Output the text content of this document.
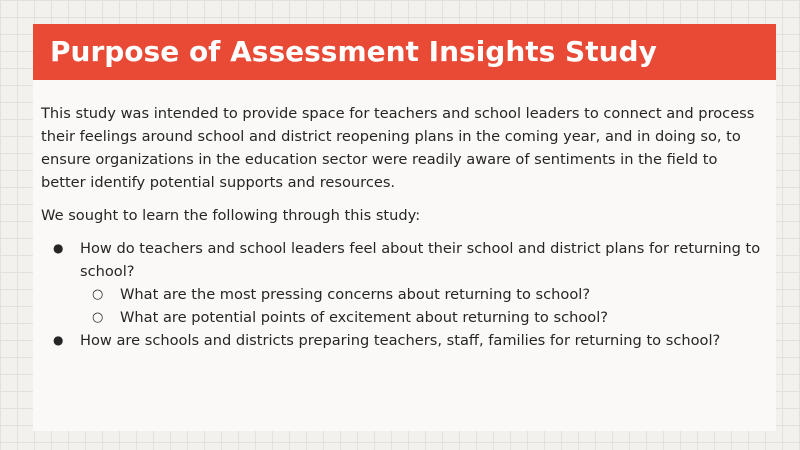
Purpose of Assessment Insights Study

This study was intended to provide space for teachers and school leaders to connect and process their feelings around school and district reopening plans in the coming year, and in doing so, to ensure organizations in the education sector were readily aware of sentiments in the field to better identify potential supports and resources.

We sought to learn the following through this study:

● How do teachers and school leaders feel about their school and district plans for returning to school?
○ What are the most pressing concerns about returning to school?
○ What are potential points of excitement about returning to school?
● How are schools and districts preparing teachers, staff, families for returning to school?
